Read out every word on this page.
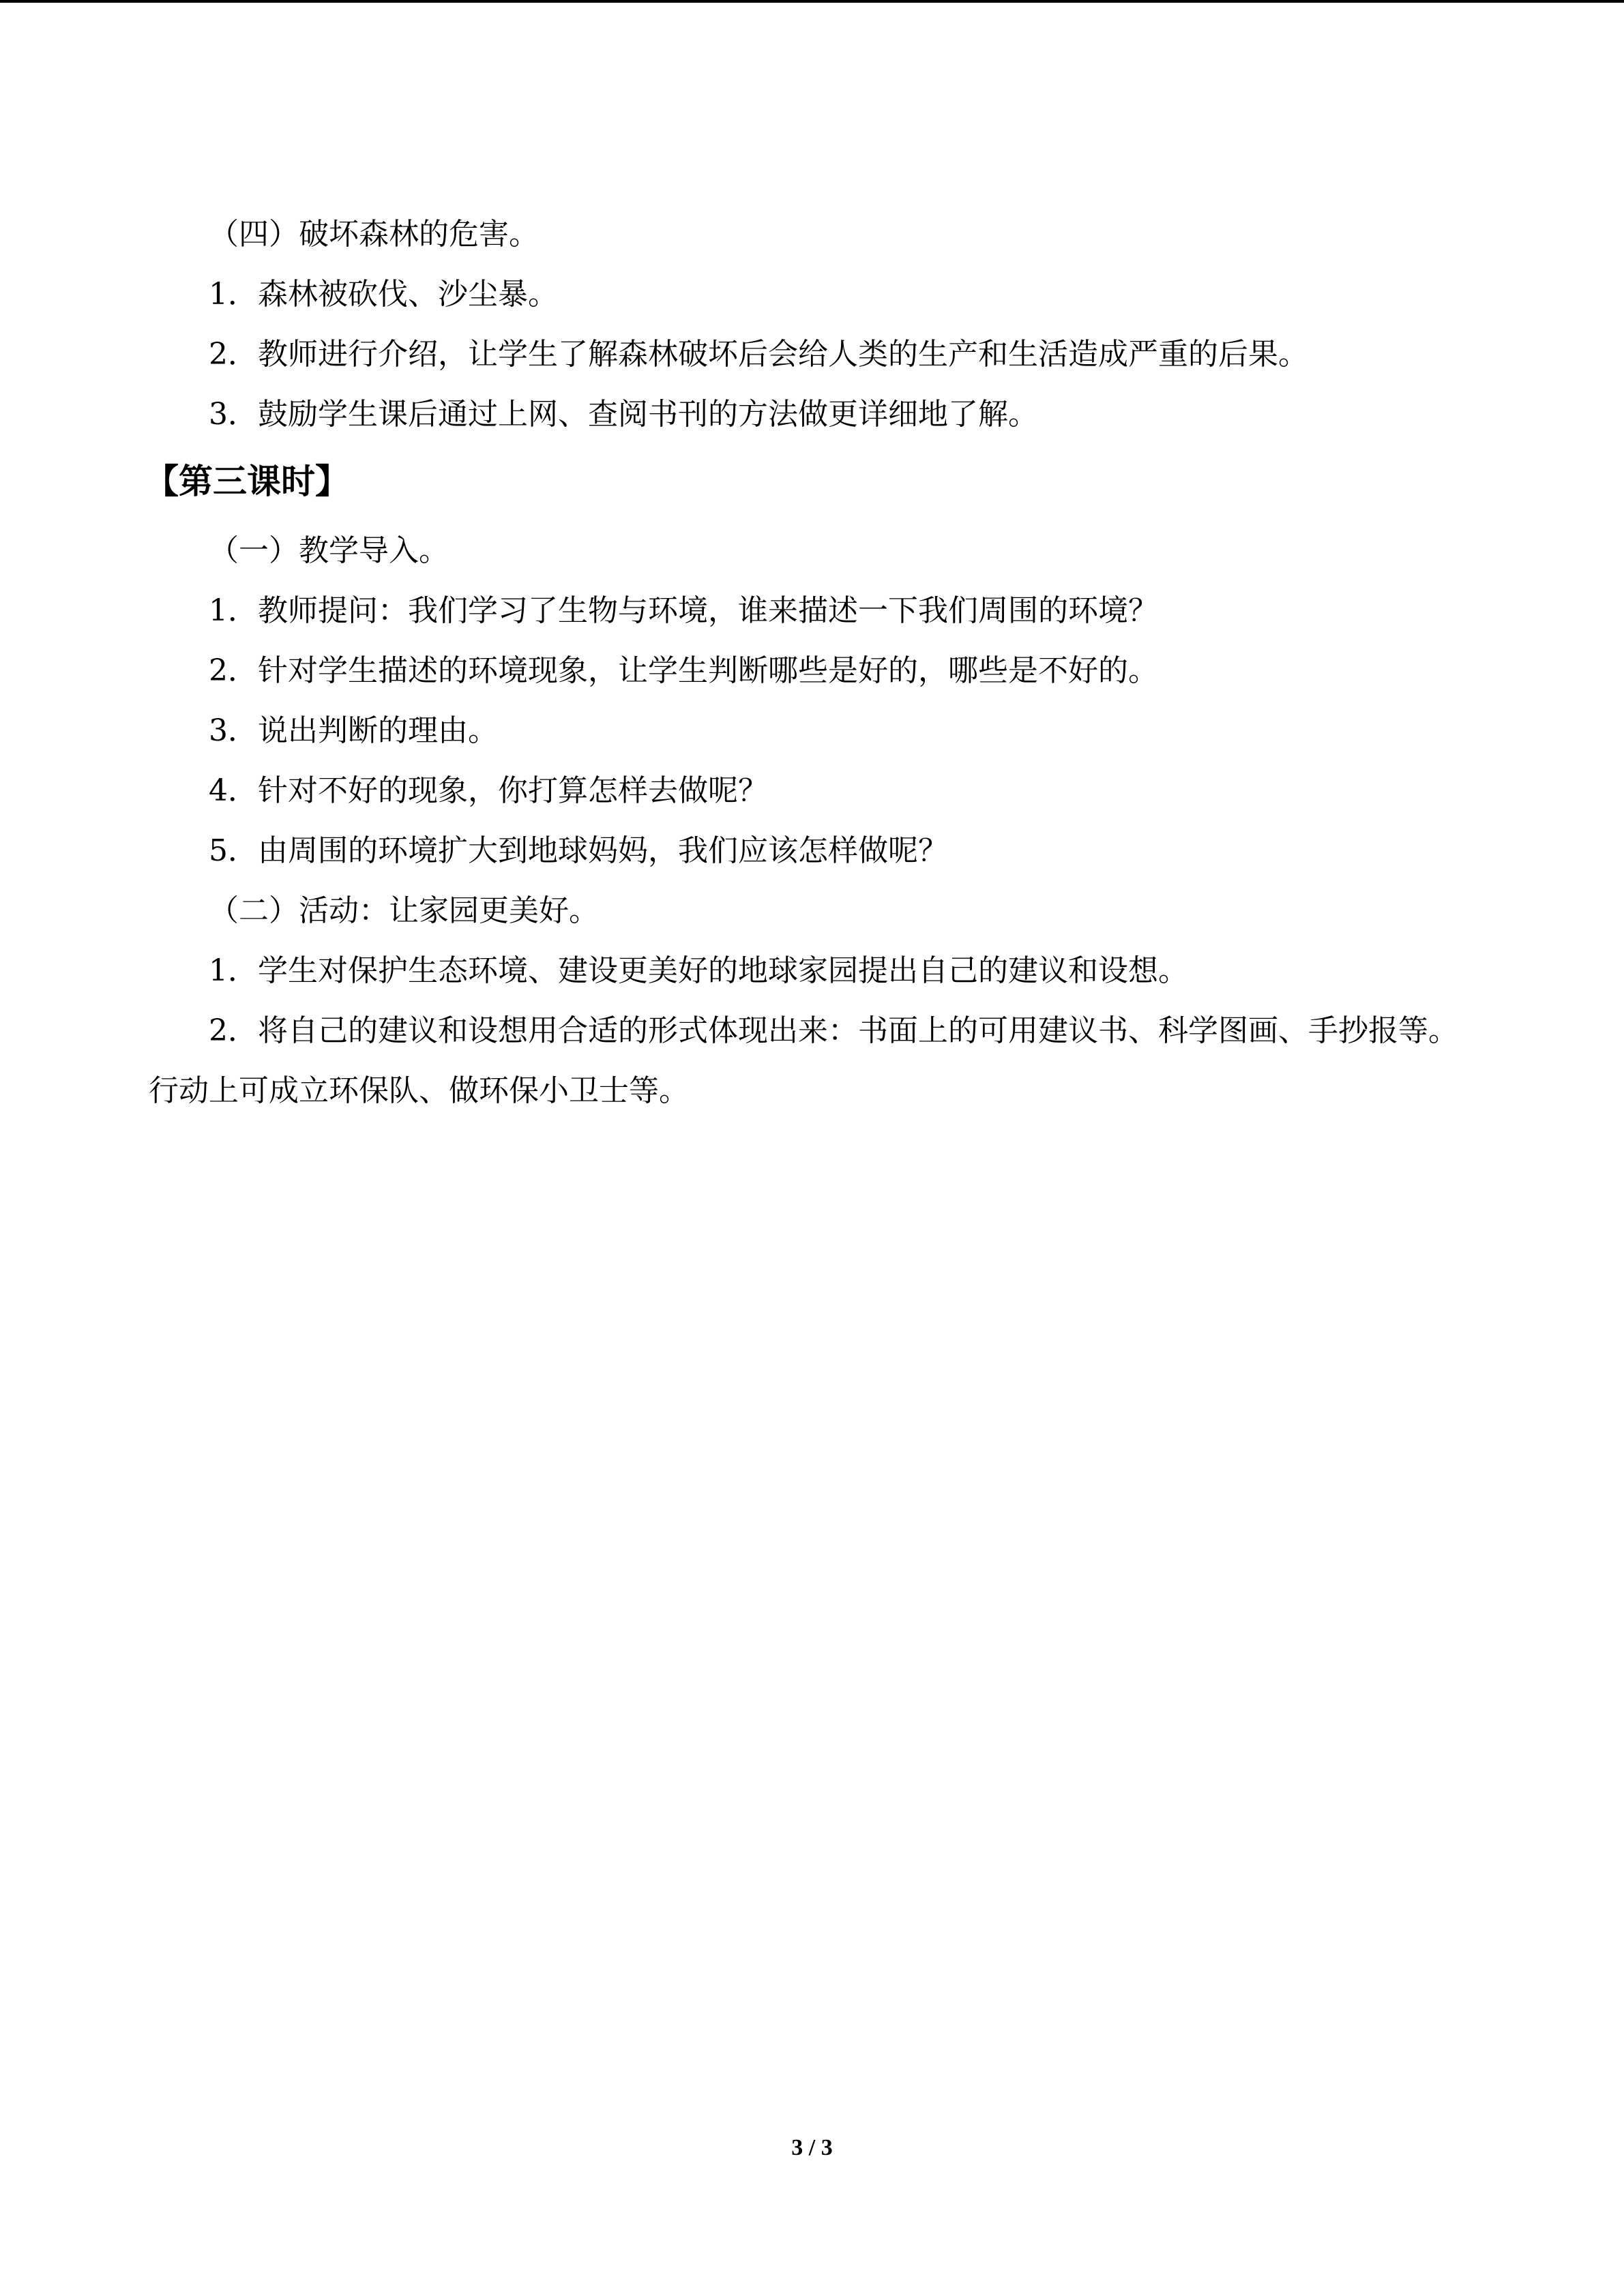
（四）破坏森林的危害。
1．森林被砍伐、沙尘暴。
2．教师进行介绍，让学生了解森林破坏后会给人类的生产和生活造成严重的后果。
3．鼓励学生课后通过上网、查阅书刊的方法做更详细地了解。
【第三课时】
（一）教学导入。
1．教师提问：我们学习了生物与环境，谁来描述一下我们周围的环境？
2．针对学生描述的环境现象，让学生判断哪些是好的，哪些是不好的。
3．说出判断的理由。
4．针对不好的现象，你打算怎样去做呢？
5．由周围的环境扩大到地球妈妈，我们应该怎样做呢？
（二）活动：让家园更美好。
1．学生对保护生态环境、建设更美好的地球家园提出自己的建议和设想。
2．将自己的建议和设想用合适的形式体现出来：书面上的可用建议书、科学图画、手抄报等。行动上可成立环保队、做环保小卫士等。
3 / 3
